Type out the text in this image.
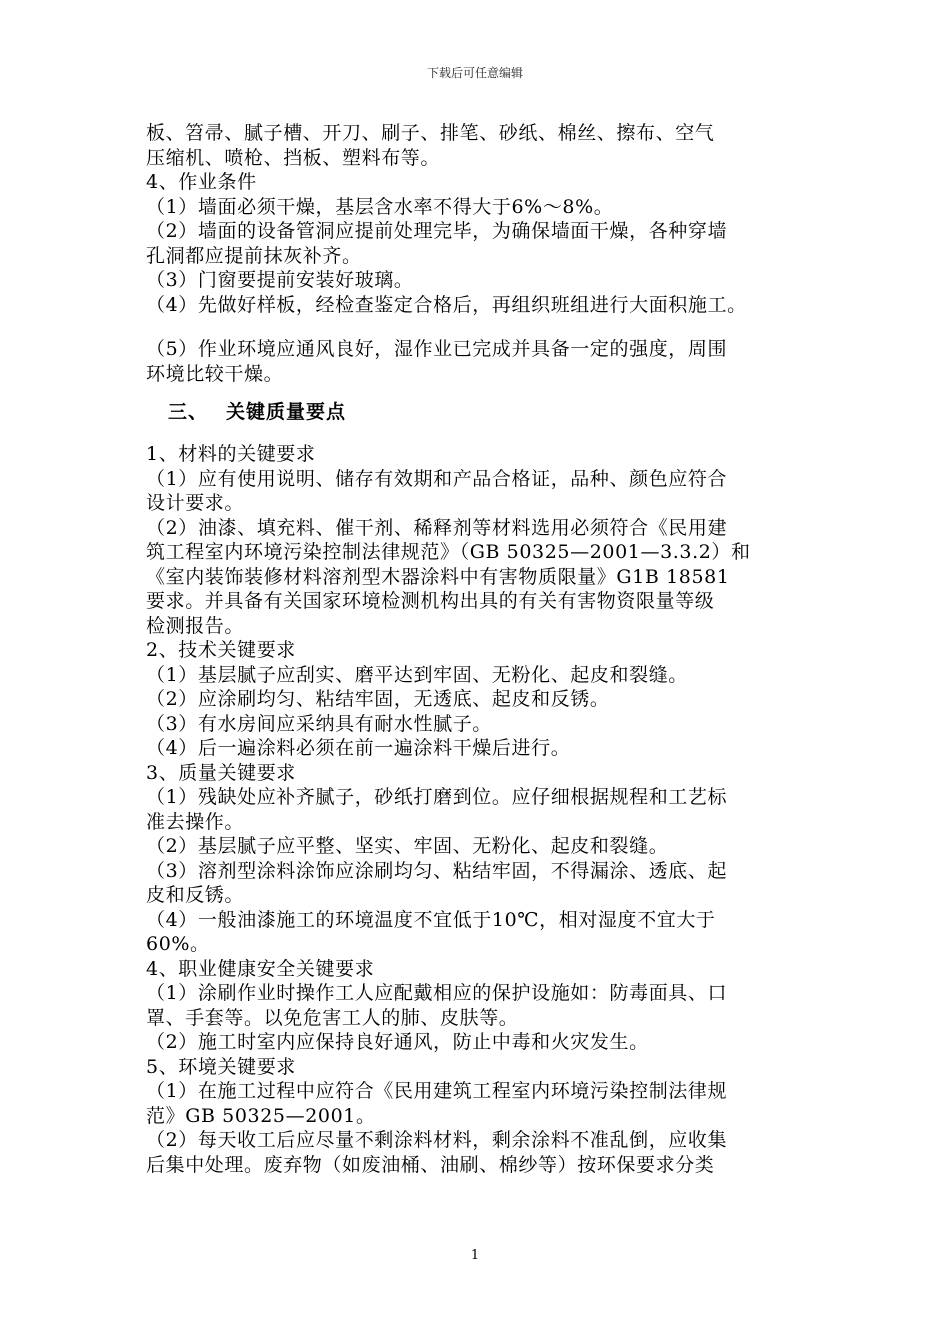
下载后可任意编辑
板、笤帚、腻子槽、开刀、刷子、排笔、砂纸、棉丝、擦布、空气
压缩机、喷枪、挡板、塑料布等。
4、作业条件
（1）墙面必须干燥，基层含水率不得大于6%～8%。
（2）墙面的设备管洞应提前处理完毕，为确保墙面干燥，各种穿墙
孔洞都应提前抹灰补齐。
（3）门窗要提前安装好玻璃。
（4）先做好样板，经检查鉴定合格后，再组织班组进行大面积施工。
（5）作业环境应通风良好，湿作业已完成并具备一定的强度，周围
环境比较干燥。
三、 关键质量要点
1、材料的关键要求
（1）应有使用说明、储存有效期和产品合格证，品种、颜色应符合
设计要求。
（2）油漆、填充料、催干剂、稀释剂等材料选用必须符合《民用建
筑工程室内环境污染控制法律规范》（GB 50325—2001—3.3.2）和
《室内装饰装修材料溶剂型木器涂料中有害物质限量》G1B 18581
要求。并具备有关国家环境检测机构出具的有关有害物资限量等级
检测报告。
2、技术关键要求
（1）基层腻子应刮实、磨平达到牢固、无粉化、起皮和裂缝。
（2）应涂刷均匀、粘结牢固，无透底、起皮和反锈。
（3）有水房间应采纳具有耐水性腻子。
（4）后一遍涂料必须在前一遍涂料干燥后进行。
3、质量关键要求
（1）残缺处应补齐腻子，砂纸打磨到位。应仔细根据规程和工艺标
准去操作。
（2）基层腻子应平整、坚实、牢固、无粉化、起皮和裂缝。
（3）溶剂型涂料涂饰应涂刷均匀、粘结牢固，不得漏涂、透底、起
皮和反锈。
（4）一般油漆施工的环境温度不宜低于10℃，相对湿度不宜大于
60%。
4、职业健康安全关键要求
（1）涂刷作业时操作工人应配戴相应的保护设施如：防毒面具、口
罩、手套等。以免危害工人的肺、皮肤等。
（2）施工时室内应保持良好通风，防止中毒和火灾发生。
5、环境关键要求
（1）在施工过程中应符合《民用建筑工程室内环境污染控制法律规
范》GB 50325—2001。
（2）每天收工后应尽量不剩涂料材料，剩余涂料不准乱倒，应收集
后集中处理。废弃物（如废油桶、油刷、棉纱等）按环保要求分类
1
